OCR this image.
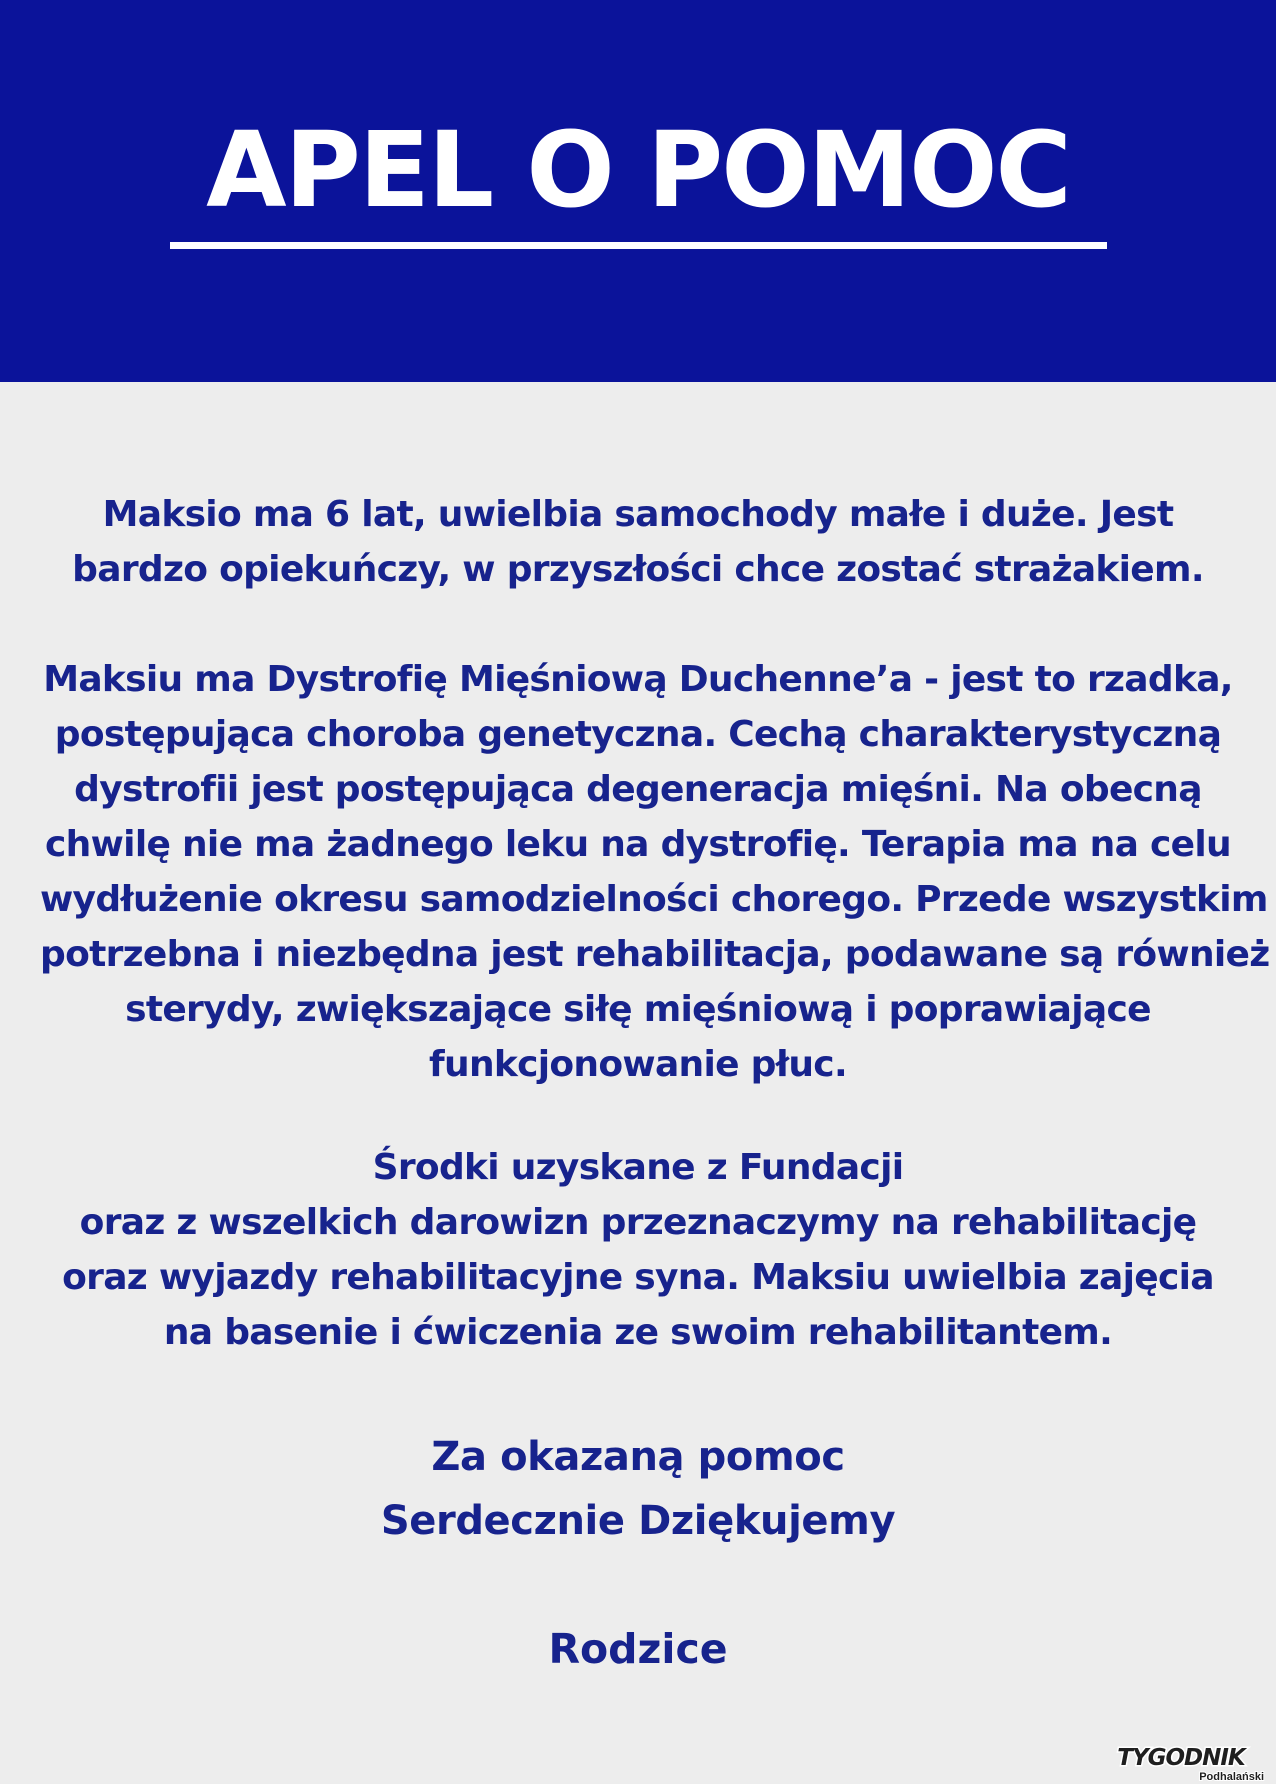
APEL O POMOC
Maksio ma 6 lat, uwielbia samochody małe i duże. Jest
bardzo opiekuńczy, w przyszłości chce zostać strażakiem.
Maksiu ma Dystrofię Mięśniową Duchenne’a - jest to rzadka,
postępująca choroba genetyczna. Cechą charakterystyczną
dystrofii jest postępująca degeneracja mięśni. Na obecną
chwilę nie ma żadnego leku na dystrofię. Terapia ma na celu
wydłużenie okresu samodzielności chorego. Przede wszystkim
potrzebna i niezbędna jest rehabilitacja, podawane są również
sterydy, zwiększające siłę mięśniową i poprawiające
funkcjonowanie płuc.
Środki uzyskane z Fundacji
oraz z wszelkich darowizn przeznaczymy na rehabilitację
oraz wyjazdy rehabilitacyjne syna. Maksiu uwielbia zajęcia
na basenie i ćwiczenia ze swoim rehabilitantem.
Za okazaną pomoc
Serdecznie Dziękujemy
Rodzice
TYGODNIK
Podhalański
